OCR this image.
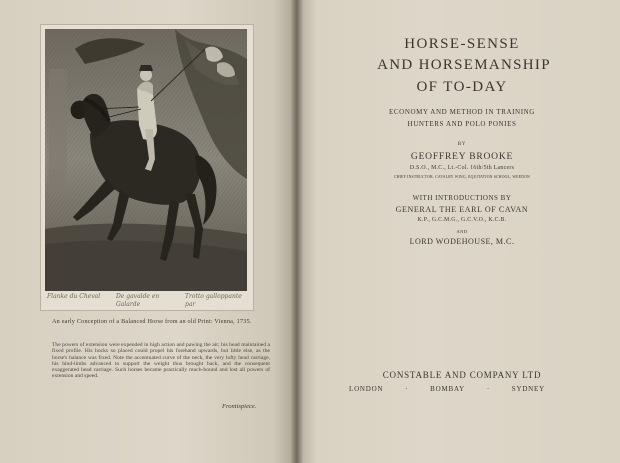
Flanke du Cheval	De gavalde en Galarde
Trotto galloppante par
An early Conception of a Balanced Horse from an old Print: Vienna, 1735.
The powers of extension were expended in high action and pawing the air; his head maintained a fixed profile. His hocks so placed could propel his forehand upwards, but little else, as the horse's balance was fixed. Note the accentuated curve of the neck, the very lofty head carriage, his hind-limbs advanced to support the weight thus brought back, and the consequent exaggerated head carriage. Such horses became practically much-bound and lost all powers of extension and speed.
Frontispiece.
HORSE-SENSE
AND HORSEMANSHIP
OF TO-DAY
ECONOMY AND METHOD IN TRAINING
HUNTERS AND POLO PONIES
BY
GEOFFREY BROOKE
D.S.O., M.C., Lt.-Col. 16th/5th Lancers
CHIEF INSTRUCTOR, CAVALRY WING, EQUITATION SCHOOL, WEEDON
WITH INTRODUCTIONS BY
GENERAL THE EARL OF CAVAN
K.P., G.C.M.G., G.C.V.O., K.C.B.
AND
LORD WODEHOUSE, M.C.
CONSTABLE AND COMPANY LTD
LONDON	·	BOMBAY	·	SYDNEY
